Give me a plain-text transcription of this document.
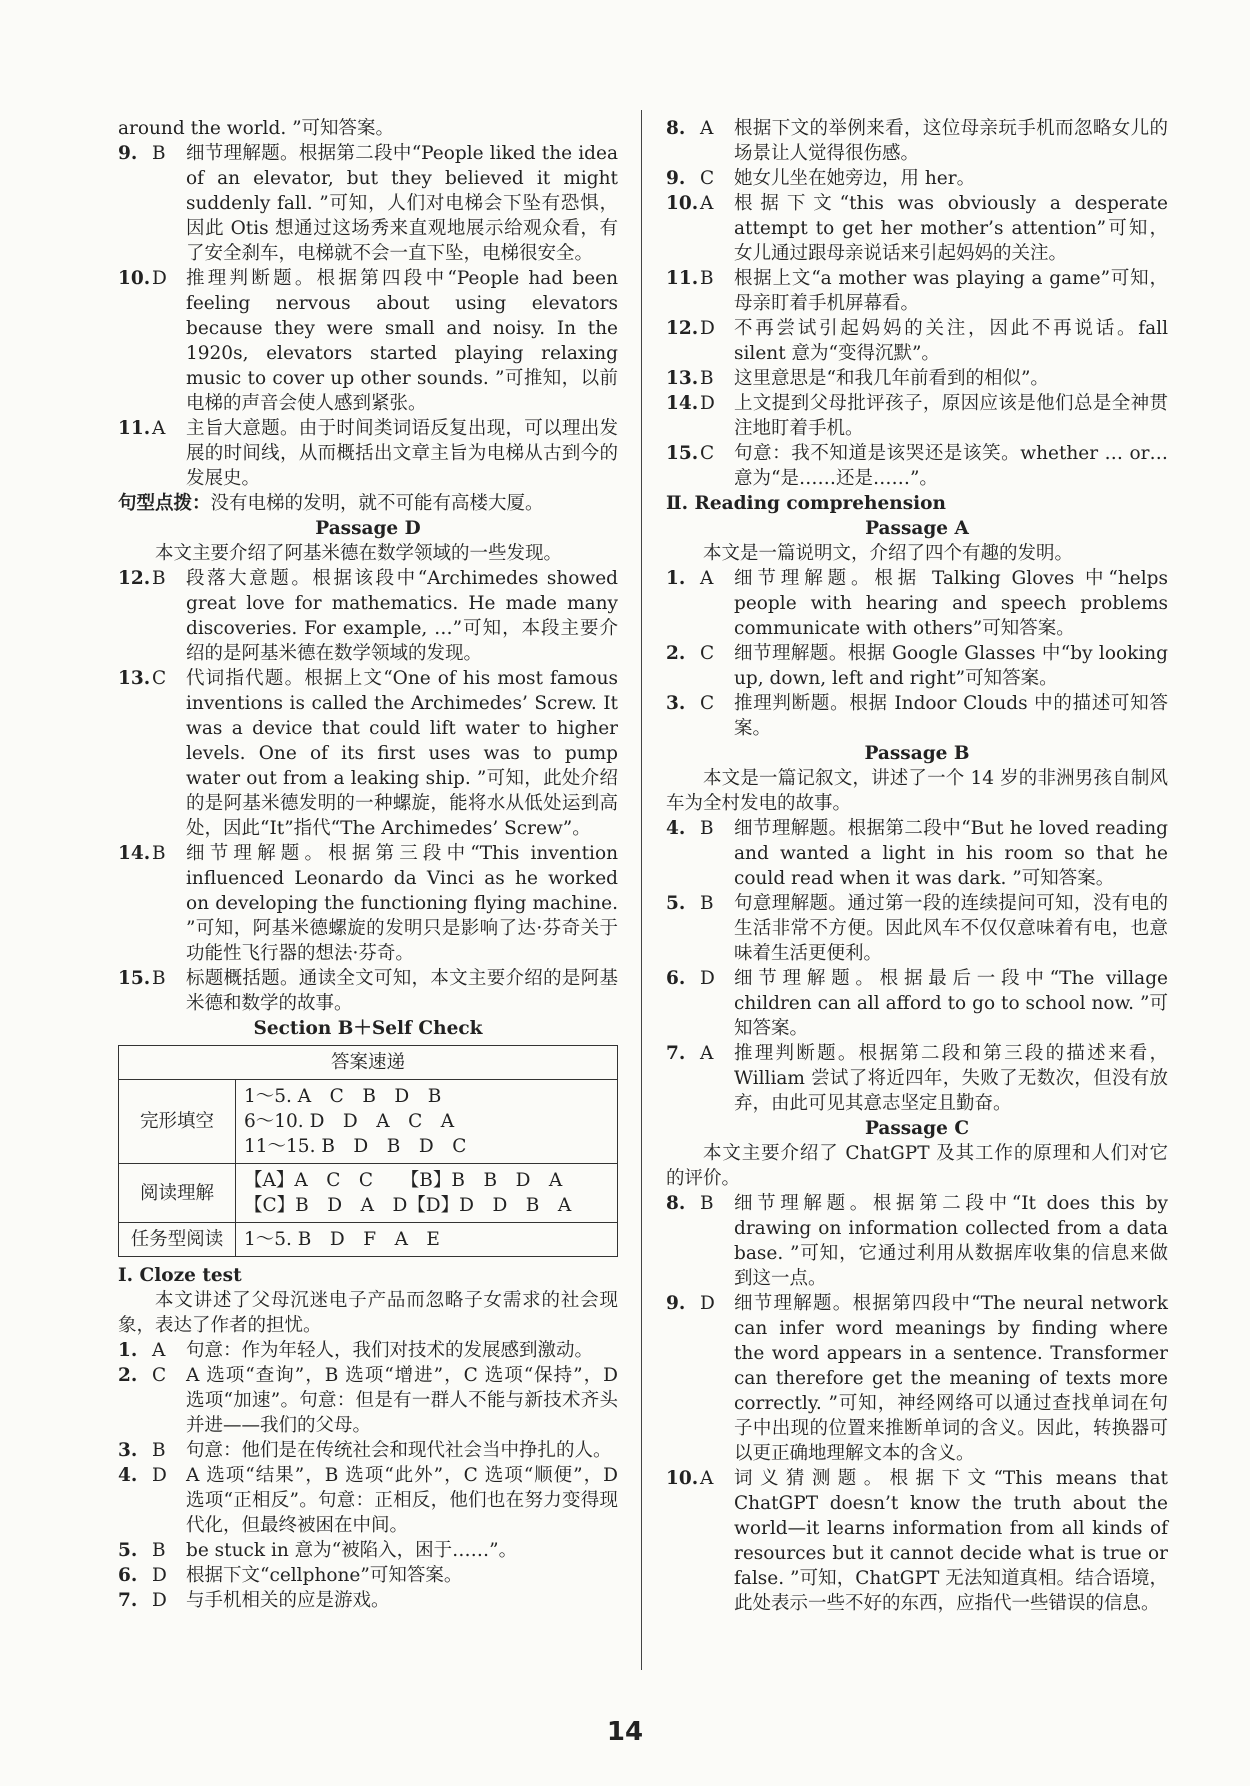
around the world. ”可知答案。

9. B	细节理解题。根据第二段中“People liked the idea of an elevator, but they believed it might suddenly fall. ”可知，人们对电梯会下坠有恐惧，因此 Otis 想通过这场秀来直观地展示给观众看，有了安全刹车，电梯就不会一直下坠，电梯很安全。
10. D	推理判断题。根据第四段中“People had been feeling nervous about using elevators because they were small and noisy. In the 1920s, elevators started playing relaxing music to cover up other sounds. ”可推知，以前电梯的声音会使人感到紧张。
11. A	主旨大意题。由于时间类词语反复出现，可以理出发展的时间线，从而概括出文章主旨为电梯从古到今的发展史。

句型点拨：没有电梯的发明，就不可能有高楼大厦。

Passage D

本文主要介绍了阿基米德在数学领域的一些发现。

12. B	段落大意题。根据该段中“Archimedes showed great love for mathematics. He made many discoveries. For example, …”可知，本段主要介绍的是阿基米德在数学领域的发现。
13. C	代词指代题。根据上文“One of his most famous inventions is called the Archimedes’ Screw. It was a device that could lift water to higher levels. One of its first uses was to pump water out from a leaking ship. ”可知，此处介绍的是阿基米德发明的一种螺旋，能将水从低处运到高处，因此“It”指代“The Archimedes’ Screw”。
14. B	细节理解题。根据第三段中“This invention influenced Leonardo da Vinci as he worked on developing the functioning flying machine. ”可知，阿基米德螺旋的发明只是影响了达·芬奇关于功能性飞行器的想法·芬奇。
15. B	标题概括题。通读全文可知，本文主要介绍的是阿基米德和数学的故事。

Section B＋Self Check

答案速递	
完形填空	1～5. A　C　B　D　B

6～10. D　D　A　C　A

11～15. B　D　B　D　C

阅读理解	【A】A　C　C　　【B】B　B　D　A

【C】B　D　A　D【D】D　D　B　A

任务型阅读	1～5. B　D　F　A　E

Ⅰ. Cloze test

本文讲述了父母沉迷电子产品而忽略子女需求的社会现象，表达了作者的担忧。

1. A	句意：作为年轻人，我们对技术的发展感到激动。
2. C	A 选项“查询”，B 选项“增进”，C 选项“保持”，D 选项“加速”。句意：但是有一群人不能与新技术齐头并进——我们的父母。
3. B	句意：他们是在传统社会和现代社会当中挣扎的人。
4. D	A 选项“结果”，B 选项“此外”，C 选项“顺便”，D 选项“正相反”。句意：正相反，他们也在努力变得现代化，但最终被困在中间。
5. B	be stuck in 意为“被陷入，困于……”。
6. D	根据下文“cellphone”可知答案。
7. D	与手机相关的应是游戏。
8. A	根据下文的举例来看，这位母亲玩手机而忽略女儿的场景让人觉得很伤感。
9. C	她女儿坐在她旁边，用 her。
10. A	根据下文“this was obviously a desperate attempt to get her mother’s attention”可知，女儿通过跟母亲说话来引起妈妈的关注。
11. B	根据上文“a mother was playing a game”可知，母亲盯着手机屏幕看。
12. D	不再尝试引起妈妈的关注，因此不再说话。fall silent 意为“变得沉默”。
13. B	这里意思是“和我几年前看到的相似”。
14. D	上文提到父母批评孩子，原因应该是他们总是全神贯注地盯着手机。
15. C	句意：我不知道是该哭还是该笑。whether … or… 意为“是……还是……”。

Ⅱ. Reading comprehension

Passage A

本文是一篇说明文，介绍了四个有趣的发明。

1. A	细节理解题。根据 Talking Gloves 中“helps people with hearing and speech problems communicate with others”可知答案。
2. C	细节理解题。根据 Google Glasses 中“by looking up, down, left and right”可知答案。
3. C	推理判断题。根据 Indoor Clouds 中的描述可知答案。

Passage B

本文是一篇记叙文，讲述了一个 14 岁的非洲男孩自制风车为全村发电的故事。

4. B	细节理解题。根据第二段中“But he loved reading and wanted a light in his room so that he could read when it was dark. ”可知答案。
5. B	句意理解题。通过第一段的连续提问可知，没有电的生活非常不方便。因此风车不仅仅意味着有电，也意味着生活更便利。
6. D	细节理解题。根据最后一段中“The village children can all afford to go to school now. ”可知答案。
7. A	推理判断题。根据第二段和第三段的描述来看，William 尝试了将近四年，失败了无数次，但没有放弃，由此可见其意志坚定且勤奋。

Passage C

本文主要介绍了 ChatGPT 及其工作的原理和人们对它的评价。

8. B	细节理解题。根据第二段中“It does this by drawing on information collected from a data base. ”可知，它通过利用从数据库收集的信息来做到这一点。
9. D	细节理解题。根据第四段中“The neural network can infer word meanings by finding where the word appears in a sentence. Transformer can therefore get the meaning of texts more correctly. ”可知，神经网络可以通过查找单词在句子中出现的位置来推断单词的含义。因此，转换器可以更正确地理解文本的含义。
10. A	词义猜测题。根据下文“This means that ChatGPT doesn’t know the truth about the world—it learns information from all kinds of resources but it cannot decide what is true or false. ”可知，ChatGPT 无法知道真相。结合语境，此处表示一些不好的东西，应指代一些错误的信息。
14
